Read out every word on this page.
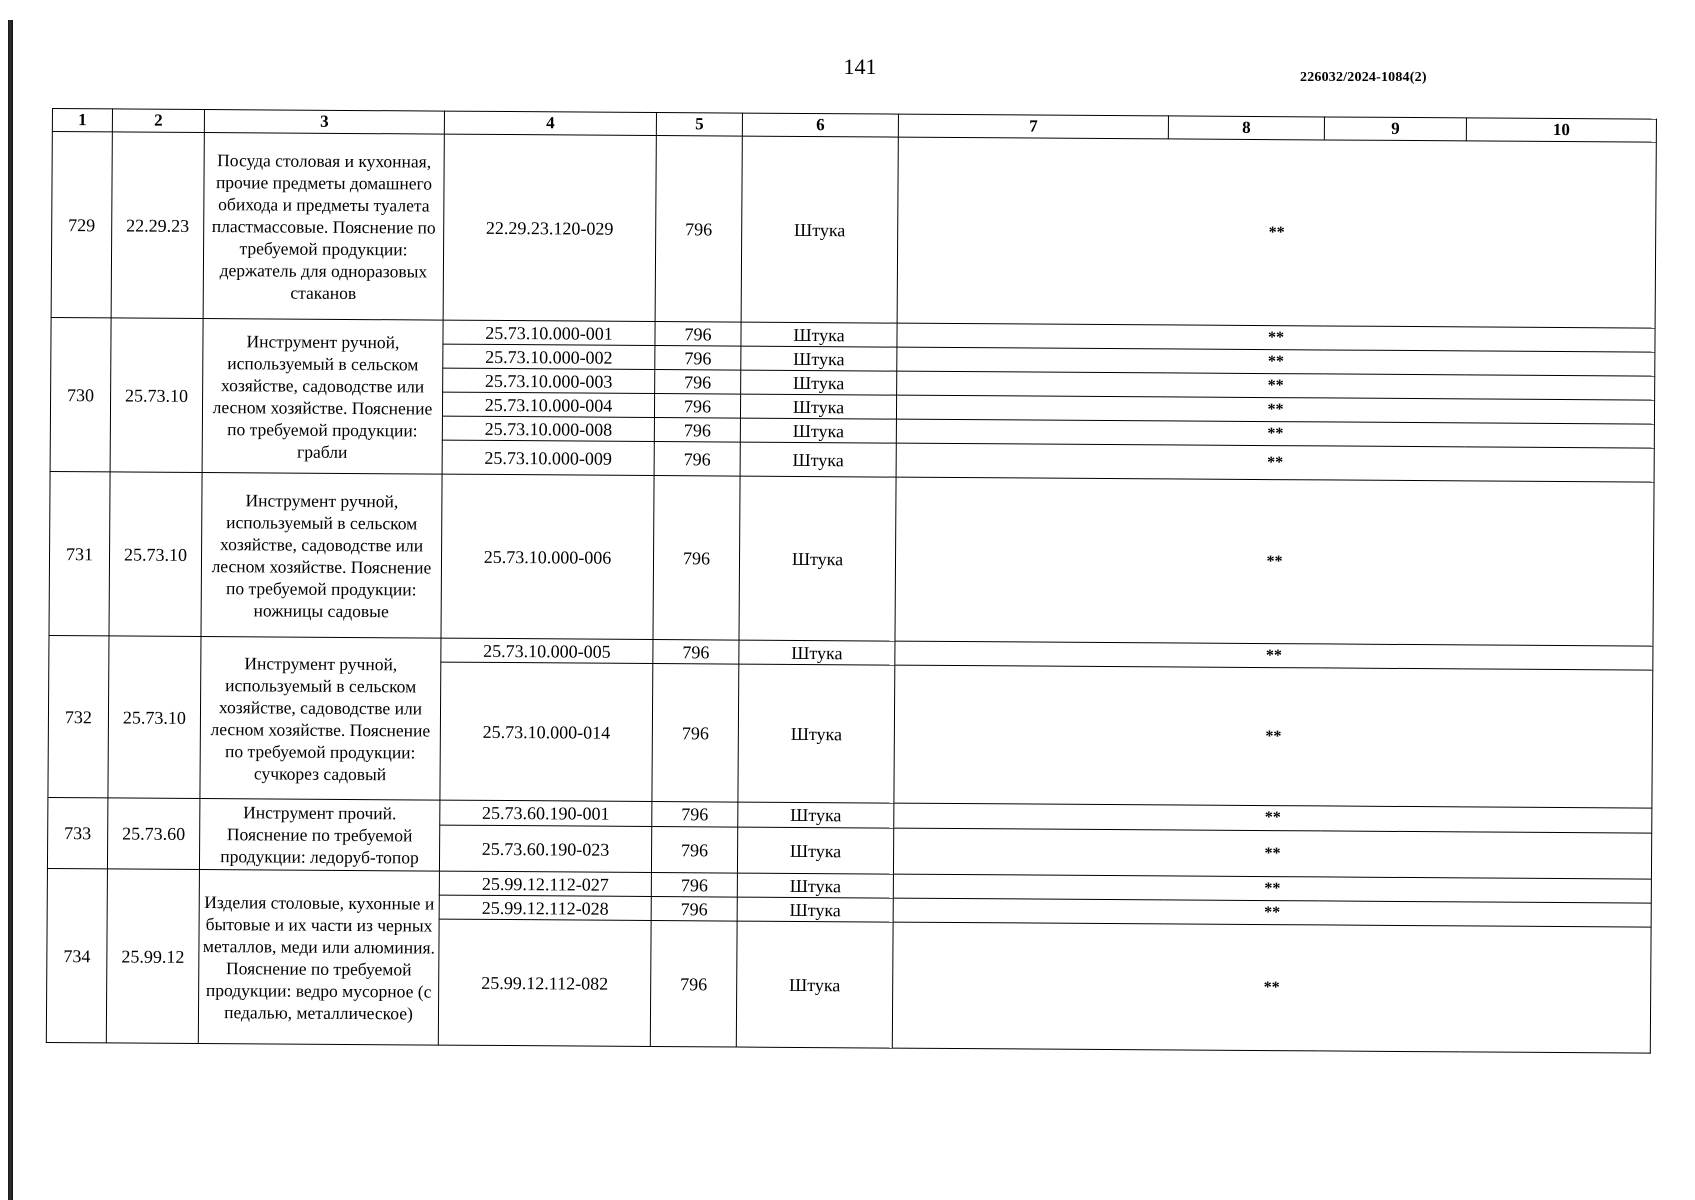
141	226032/2024-1084(2)
1	2	3	4	5	6	7	8	9	10
729	22.29.23	Посуда столовая и кухонная, прочие предметы домашнего обихода и предметы туалета пластмассовые. Пояснение по требуемой продукции: держатель для одноразовых стаканов	22.29.23.120-029	796	Штука	**			
730	25.73.10	Инструмент ручной, используемый в сельском хозяйстве, садоводстве или лесном хозяйстве. Пояснение по требуемой продукции: грабли	25.73.10.000-001	796	Штука	**			
			25.73.10.000-002	796	Штука	**			
			25.73.10.000-003	796	Штука	**			
			25.73.10.000-004	796	Штука	**			
			25.73.10.000-008	796	Штука	**			
			25.73.10.000-009	796	Штука	**			
731	25.73.10	Инструмент ручной, используемый в сельском хозяйстве, садоводстве или лесном хозяйстве. Пояснение по требуемой продукции: ножницы садовые	25.73.10.000-006	796	Штука	**			
732	25.73.10	Инструмент ручной, используемый в сельском хозяйстве, садоводстве или лесном хозяйстве. Пояснение по требуемой продукции: сучкорез садовый	25.73.10.000-005	796	Штука	**			
			25.73.10.000-014	796	Штука	**			
733	25.73.60	Инструмент прочий. Пояснение по требуемой продукции: ледоруб-топор	25.73.60.190-001	796	Штука	**			
			25.73.60.190-023	796	Штука	**			
734	25.99.12	Изделия столовые, кухонные и бытовые и их части из черных металлов, меди или алюминия. Пояснение по требуемой продукции: ведро мусорное (с педалью, металлическое)	25.99.12.112-027	796	Штука	**			
			25.99.12.112-028	796	Штука	**			
			25.99.12.112-082	796	Штука	**			
